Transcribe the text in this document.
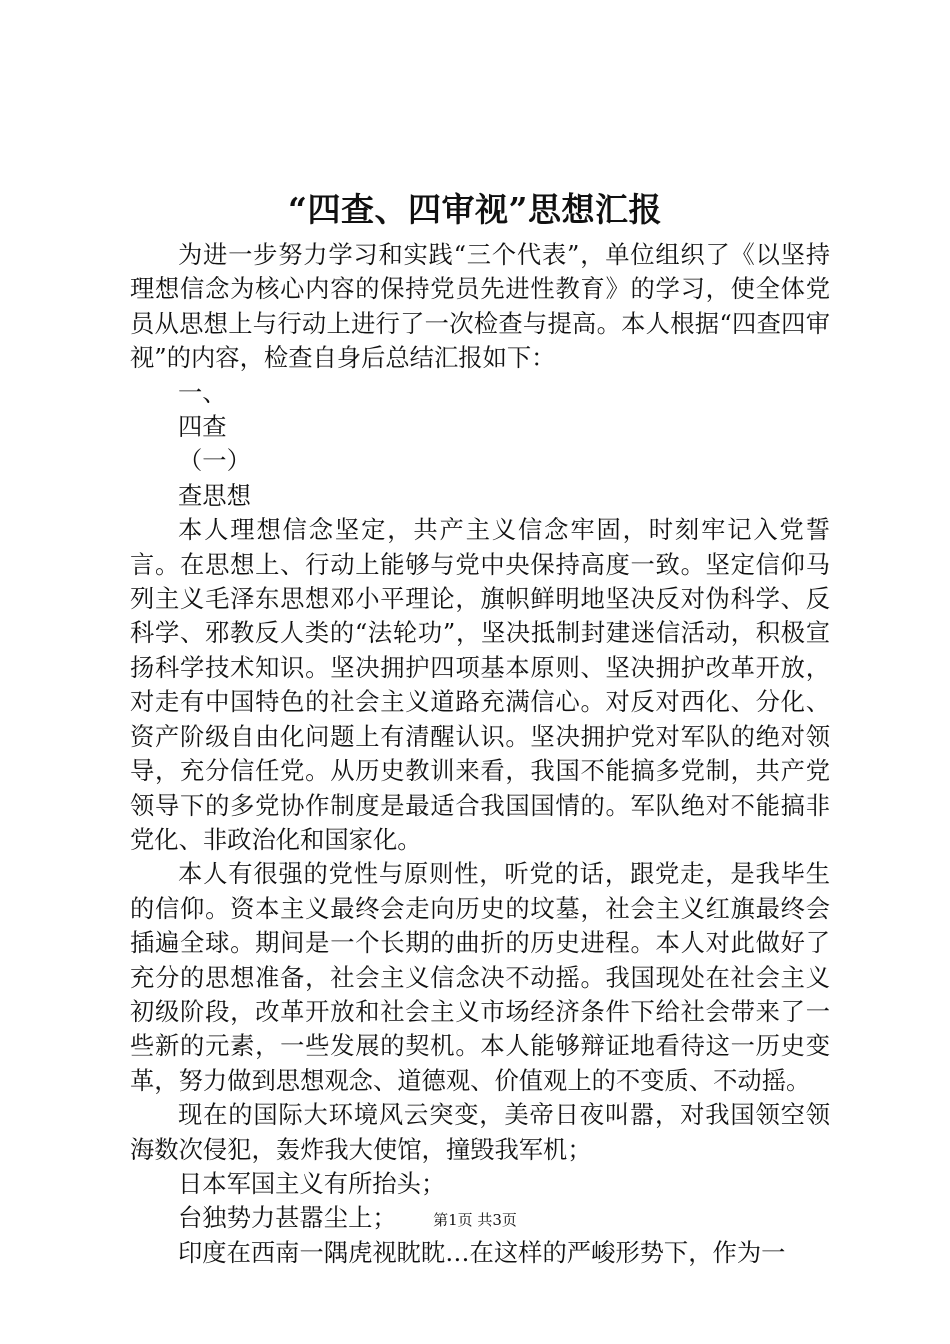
“四查、四审视”思想汇报

为进一步努力学习和实践“三个代表”，单位组织了《以坚持理想信念为核心内容的保持党员先进性教育》的学习，使全体党员从思想上与行动上进行了一次检查与提高。本人根据“四查四审视”的内容，检查自身后总结汇报如下：

一、

四查

（一）

查思想

本人理想信念坚定，共产主义信念牢固，时刻牢记入党誓言。在思想上、行动上能够与党中央保持高度一致。坚定信仰马列主义毛泽东思想邓小平理论，旗帜鲜明地坚决反对伪科学、反科学、邪教反人类的“法轮功”，坚决抵制封建迷信活动，积极宣扬科学技术知识。坚决拥护四项基本原则、坚决拥护改革开放，对走有中国特色的社会主义道路充满信心。对反对西化、分化、资产阶级自由化问题上有清醒认识。坚决拥护党对军队的绝对领导，充分信任党。从历史教训来看，我国不能搞多党制，共产党领导下的多党协作制度是最适合我国国情的。军队绝对不能搞非党化、非政治化和国家化。

本人有很强的党性与原则性，听党的话，跟党走，是我毕生的信仰。资本主义最终会走向历史的坟墓，社会主义红旗最终会插遍全球。期间是一个长期的曲折的历史进程。本人对此做好了充分的思想准备，社会主义信念决不动摇。我国现处在社会主义初级阶段，改革开放和社会主义市场经济条件下给社会带来了一些新的元素，一些发展的契机。本人能够辩证地看待这一历史变革，努力做到思想观念、道德观、价值观上的不变质、不动摇。

现在的国际大环境风云突变，美帝日夜叫嚣，对我国领空领海数次侵犯，轰炸我大使馆，撞毁我军机；

日本军国主义有所抬头；

台独势力甚嚣尘上；

印度在西南一隅虎视眈眈…在这样的严峻形势下，作为一

第1页 共3页
